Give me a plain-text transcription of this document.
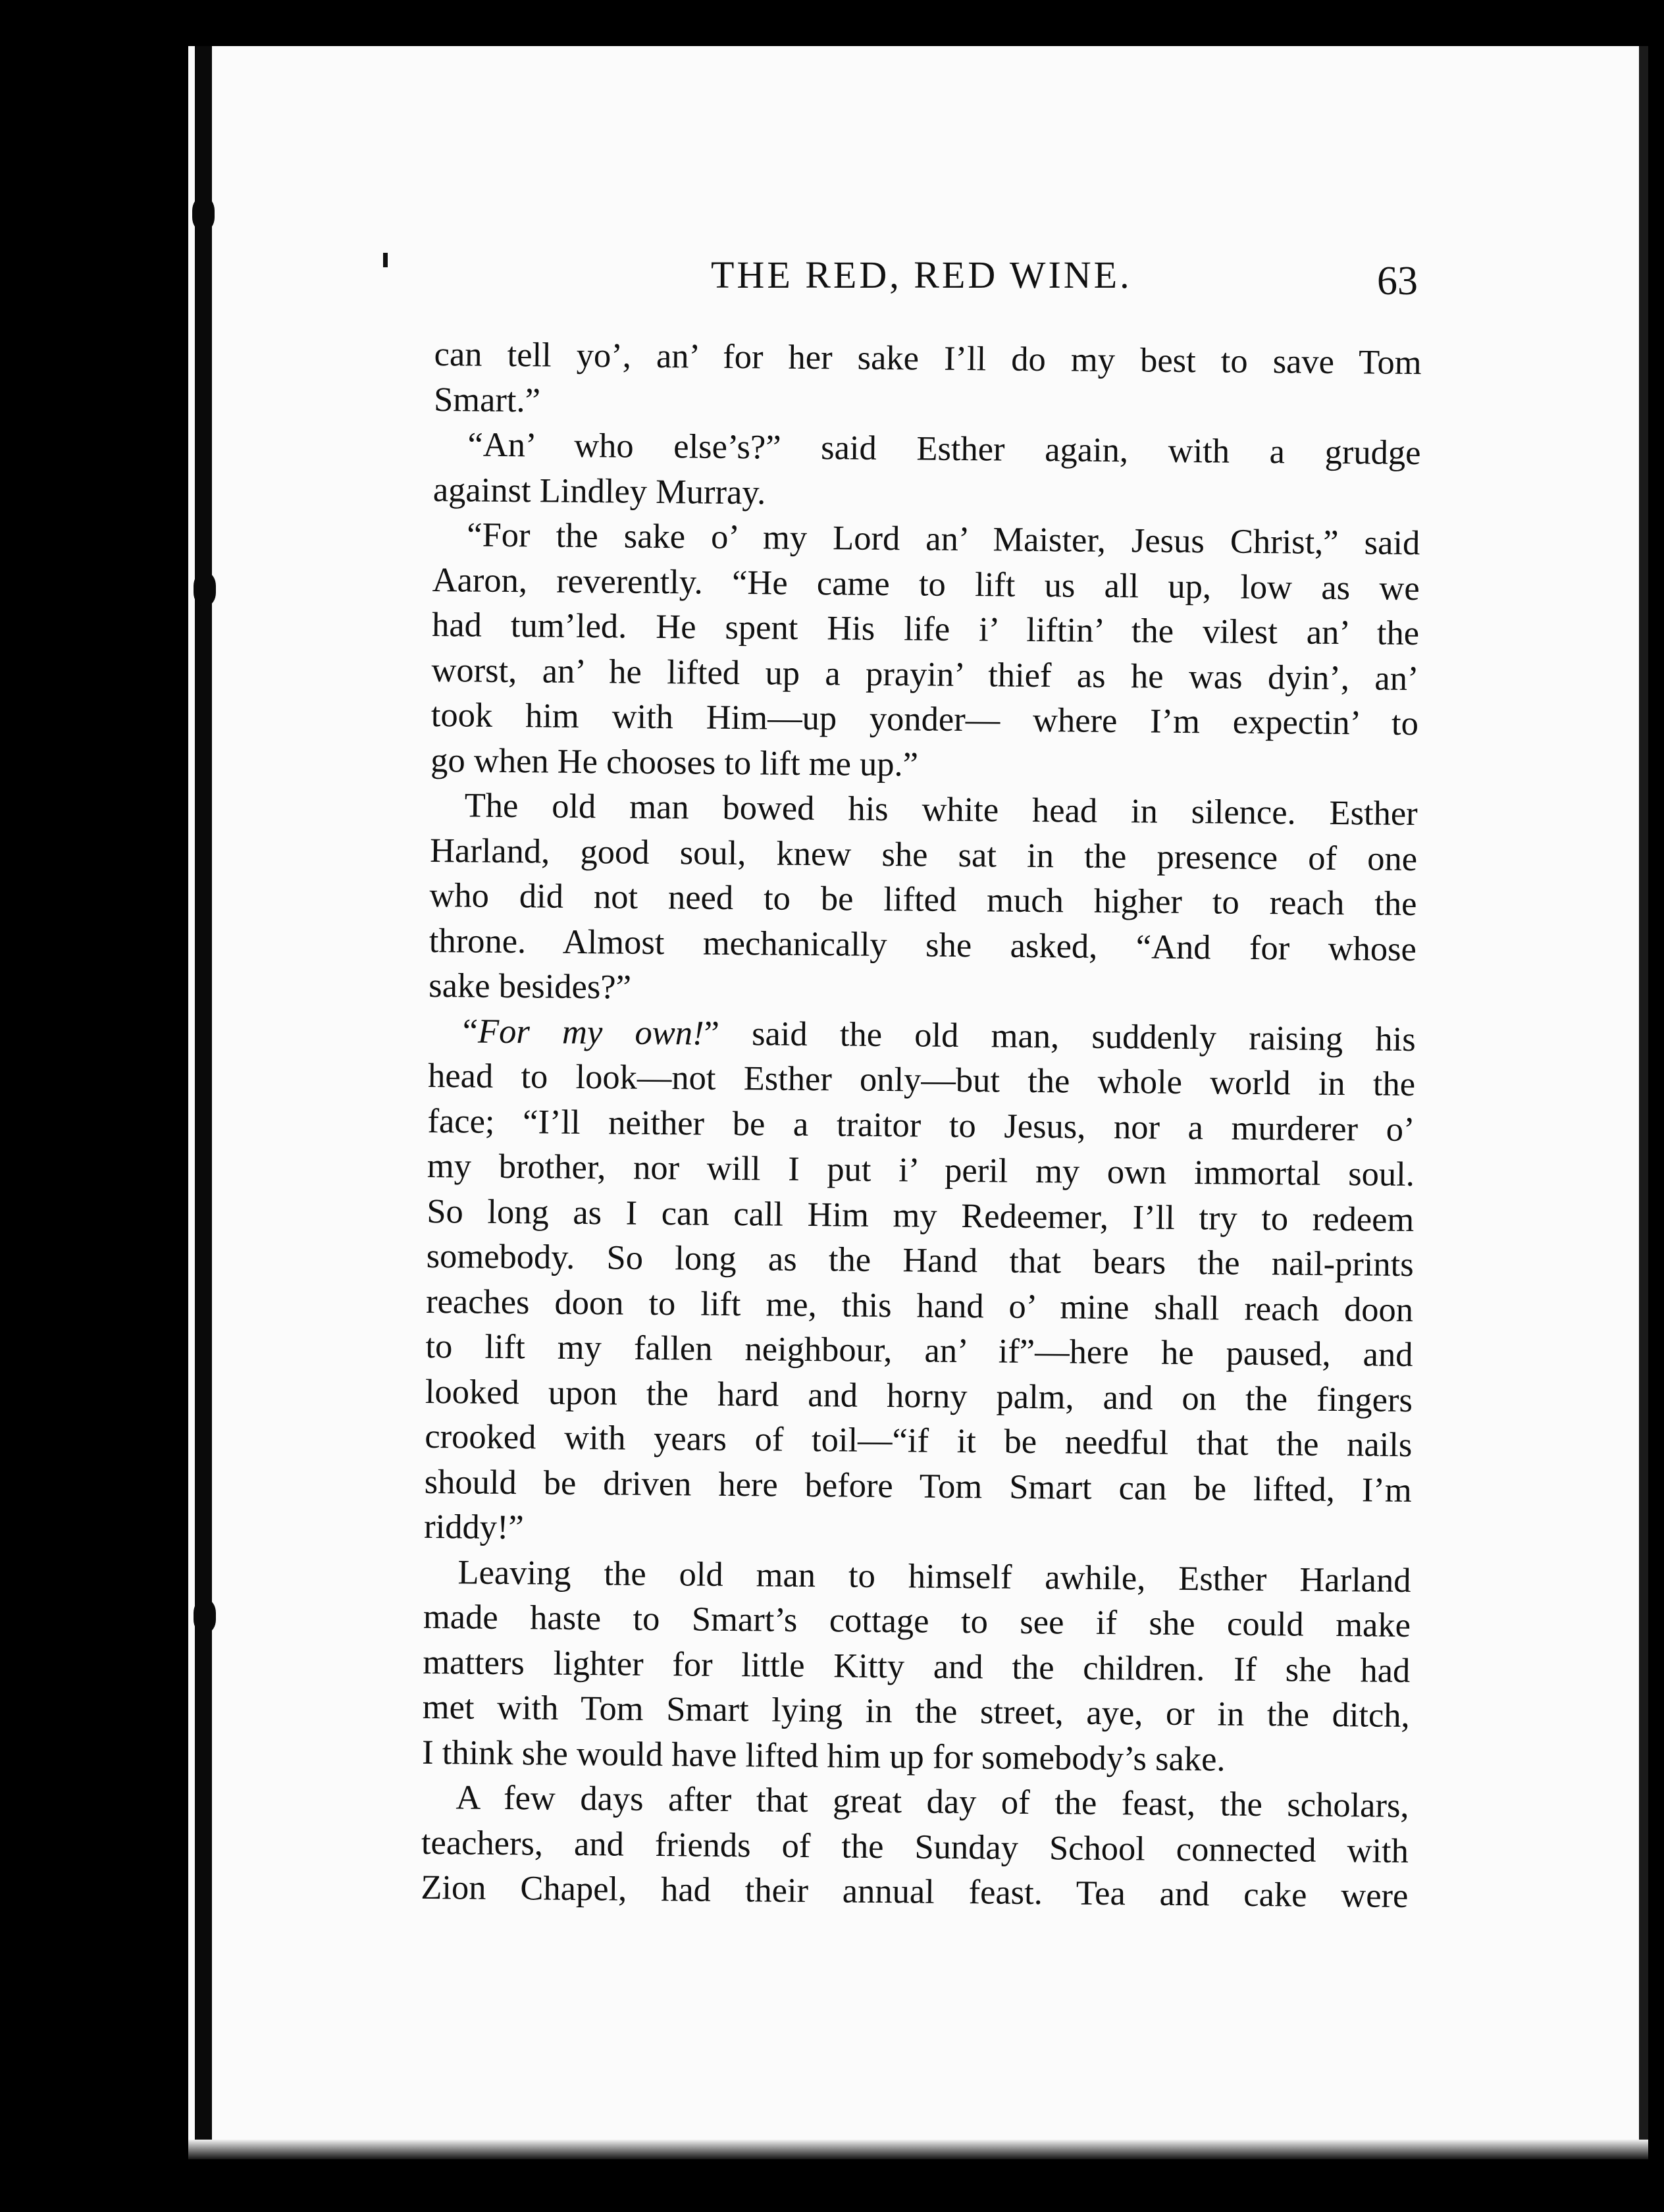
THE RED, RED WINE.	63
can tell yo’, an’ for her sake I’ll do my best to save Tom
Smart.”
“An’ who else’s?” said Esther again, with a grudge
against Lindley Murray.
“For the sake o’ my Lord an’ Maister, Jesus Christ,” said
Aaron, reverently. “He came to lift us all up, low as we
had tum’led. He spent His life i’ liftin’ the vilest an’ the
worst, an’ he lifted up a prayin’ thief as he was dyin’, an’
took him with Him—up yonder— where I’m expectin’ to
go when He chooses to lift me up.”
The old man bowed his white head in silence. Esther
Harland, good soul, knew she sat in the presence of one
who did not need to be lifted much higher to reach the
throne. Almost mechanically she asked, “And for whose
sake besides?”
“For my own!” said the old man, suddenly raising his
head to look—not Esther only—but the whole world in the
face; “I’ll neither be a traitor to Jesus, nor a murderer o’
my brother, nor will I put i’ peril my own immortal soul.
So long as I can call Him my Redeemer, I’ll try to redeem
somebody. So long as the Hand that bears the nail-prints
reaches doon to lift me, this hand o’ mine shall reach doon
to lift my fallen neighbour, an’ if”—here he paused, and
looked upon the hard and horny palm, and on the fingers
crooked with years of toil—“if it be needful that the nails
should be driven here before Tom Smart can be lifted, I’m
riddy!”
Leaving the old man to himself awhile, Esther Harland
made haste to Smart’s cottage to see if she could make
matters lighter for little Kitty and the children. If she had
met with Tom Smart lying in the street, aye, or in the ditch,
I think she would have lifted him up for somebody’s sake.
A few days after that great day of the feast, the scholars,
teachers, and friends of the Sunday School connected with
Zion Chapel, had their annual feast. Tea and cake were
